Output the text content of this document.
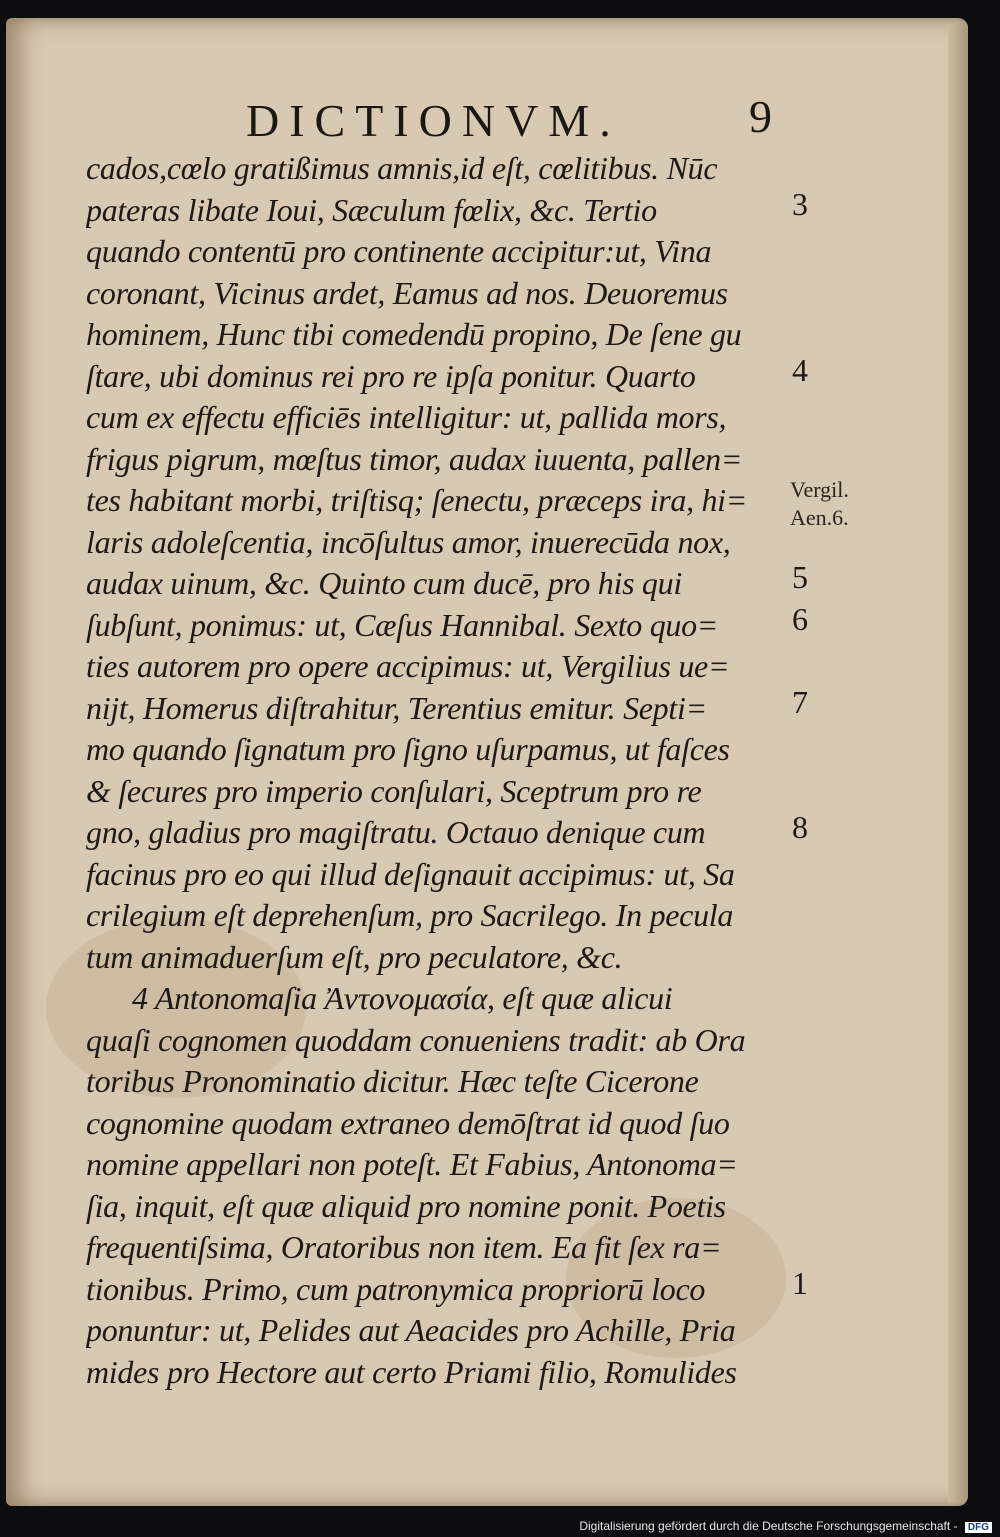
DICTIONVM.	9
cados,cœlo gratißimus amnis,id eſt, cœlitibus. Nūc
pateras libate Ioui, Sæculum fœlix, &c. Tertio
quando contentū pro continente accipitur:ut, Vina
coronant, Vicinus ardet, Eamus ad nos. Deuoremus
hominem, Hunc tibi comedendū propino, De ſene gu
ſtare, ubi dominus rei pro re ipſa ponitur. Quarto
cum ex effectu efficiēs intelligitur: ut, pallida mors,
frigus pigrum, mœſtus timor, audax iuuenta, pallen=
tes habitant morbi, triſtisq; ſenectu, præceps ira, hi=
laris adoleſcentia, incōſultus amor, inuerecūda nox,
audax uinum, &c. Quinto cum ducē, pro his qui
ſubſunt, ponimus: ut, Cæſus Hannibal. Sexto quo=
ties autorem pro opere accipimus: ut, Vergilius ue=
nijt, Homerus diſtrahitur, Terentius emitur. Septi=
mo quando ſignatum pro ſigno uſurpamus, ut faſces
& ſecures pro imperio conſulari, Sceptrum pro re
gno, gladius pro magiſtratu. Octauo denique cum
facinus pro eo qui illud deſignauit accipimus: ut, Sa
crilegium eſt deprehenſum, pro Sacrilego. In pecula
tum animaduerſum eſt, pro peculatore, &c.
4 Antonomaſia Ἀντονομασία, eſt quæ alicui
quaſi cognomen quoddam conueniens tradit: ab Ora
toribus Pronominatio dicitur. Hæc teſte Cicerone
cognomine quodam extraneo demōſtrat id quod ſuo
nomine appellari non poteſt. Et Fabius, Antonoma=
ſia, inquit, eſt quæ aliquid pro nomine ponit. Poetis
frequentiſsima, Oratoribus non item. Ea fit ſex ra=
tionibus. Primo, cum patronymica propriorū loco
ponuntur: ut, Pelides aut Aeacides pro Achille, Pria
mides pro Hectore aut certo Priami filio, Romulides
3
4
5
6
7
8
1
Vergil.
Aen.6.
Digitalisierung gefördert durch die Deutsche Forschungsgemeinschaft - DFG
